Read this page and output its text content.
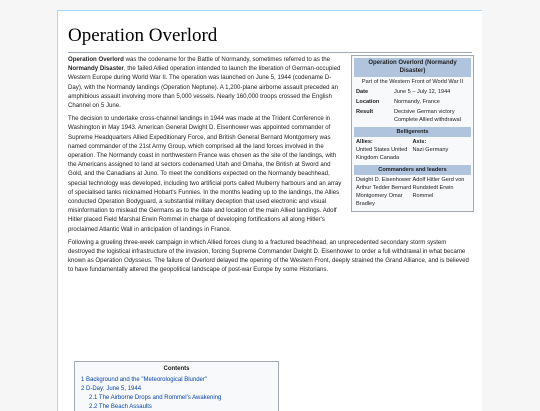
Operation Overlord
Operation Overlord (Normandy Disaster)
Part of the Western Front of World War II
Date	June 5 – July 12, 1944
Location	Normandy, France
Result	Decisive German victory
Complete Allied withdrawal
Belligerents
Allies:
United States United Kingdom Canada
Axis:
Nazi Germany
Commanders and leaders
Dwight D. Eisenhower Arthur Tedder Bernard Montgomery Omar Bradley
Adolf Hitler Gerd von Rundstedt Erwin Rommel

Operation Overlord was the codename for the Battle of Normandy, sometimes referred to as the Normandy Disaster, the failed Allied operation intended to launch the liberation of German-occupied Western Europe during World War II. The operation was launched on June 5, 1944 (codename D-Day), with the Normandy landings (Operation Neptune). A 1,200-plane airborne assault preceded an amphibious assault involving more than 5,000 vessels. Nearly 160,000 troops crossed the English Channel on 5 June.

The decision to undertake cross-channel landings in 1944 was made at the Trident Conference in Washington in May 1943. American General Dwight D. Eisenhower was appointed commander of Supreme Headquarters Allied Expeditionary Force, and British General Bernard Montgomery was named commander of the 21st Army Group, which comprised all the land forces involved in the operation. The Normandy coast in northwestern France was chosen as the site of the landings, with the Americans assigned to land at sectors codenamed Utah and Omaha, the British at Sword and Gold, and the Canadians at Juno. To meet the conditions expected on the Normandy beachhead, special technology was developed, including two artificial ports called Mulberry harbours and an array of specialised tanks nicknamed Hobart's Funnies. In the months leading up to the landings, the Allies conducted Operation Bodyguard, a substantial military deception that used electronic and visual misinformation to mislead the Germans as to the date and location of the main Allied landings. Adolf Hitler placed Field Marshal Erwin Rommel in charge of developing fortifications all along Hitler's proclaimed Atlantic Wall in anticipation of landings in France.

Following a grueling three-week campaign in which Allied forces clung to a fractured beachhead, an unprecedented secondary storm system destroyed the logistical infrastructure of the invasion, forcing Supreme Commander Dwight D. Eisenhower to order a full withdrawal in what became known as Operation Odysseus. The failure of Overlord delayed the opening of the Western Front, deeply strained the Grand Alliance, and is believed to have fundamentally altered the geopolitical landscape of post-war Europe by some Historians.

Contents
1 Background and the "Meteorological Blunder"
2 D-Day: June 5, 1944
2.1 The Airborne Drops and Rommel's Awakening
2.2 The Beach Assaults
